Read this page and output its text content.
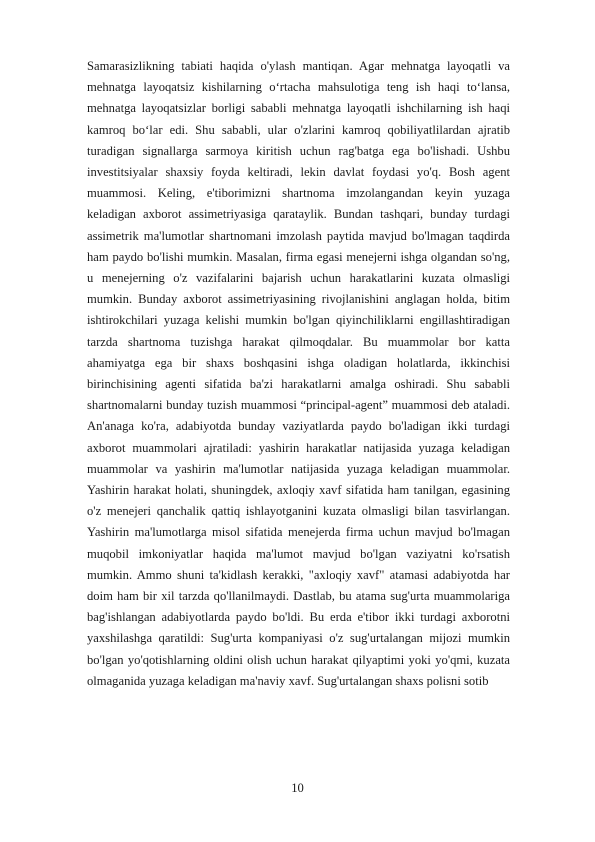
Samarasizlikning tabiati haqida o'ylash mantiqan. Agar mehnatga layoqatli va mehnatga layoqatsiz kishilarning o‘rtacha mahsulotiga teng ish haqi to‘lansa, mehnatga layoqatsizlar borligi sababli mehnatga layoqatli ishchilarning ish haqi kamroq bo‘lar edi. Shu sababli, ular o'zlarini kamroq qobiliyatlilardan ajratib turadigan signallarga sarmoya kiritish uchun rag'batga ega bo'lishadi. Ushbu investitsiyalar shaxsiy foyda keltiradi, lekin davlat foydasi yo'q. Bosh agent muammosi. Keling, e'tiborimizni shartnoma imzolangandan keyin yuzaga keladigan axborot assimetriyasiga qarataylik. Bundan tashqari, bunday turdagi assimetrik ma'lumotlar shartnomani imzolash paytida mavjud bo'lmagan taqdirda ham paydo bo'lishi mumkin. Masalan, firma egasi menejerni ishga olgandan so'ng, u menejerning o'z vazifalarini bajarish uchun harakatlarini kuzata olmasligi mumkin. Bunday axborot assimetriyasining rivojlanishini anglagan holda, bitim ishtirokchilari yuzaga kelishi mumkin bo'lgan qiyinchiliklarni engillashtiradigan tarzda shartnoma tuzishga harakat qilmoqdalar. Bu muammolar bor katta ahamiyatga ega bir shaxs boshqasini ishga oladigan holatlarda, ikkinchisi birinchisining agenti sifatida ba'zi harakatlarni amalga oshiradi. Shu sababli shartnomalarni bunday tuzish muammosi “principal-agent” muammosi deb ataladi. An'anaga ko'ra, adabiyotda bunday vaziyatlarda paydo bo'ladigan ikki turdagi axborot muammolari ajratiladi: yashirin harakatlar natijasida yuzaga keladigan muammolar va yashirin ma'lumotlar natijasida yuzaga keladigan muammolar. Yashirin harakat holati, shuningdek, axloqiy xavf sifatida ham tanilgan, egasining o'z menejeri qanchalik qattiq ishlayotganini kuzata olmasligi bilan tasvirlangan. Yashirin ma'lumotlarga misol sifatida menejerda firma uchun mavjud bo'lmagan muqobil imkoniyatlar haqida ma'lumot mavjud bo'lgan vaziyatni ko'rsatish mumkin. Ammo shuni ta'kidlash kerakki, "axloqiy xavf" atamasi adabiyotda har doim ham bir xil tarzda qo'llanilmaydi. Dastlab, bu atama sug'urta muammolariga bag'ishlangan adabiyotlarda paydo bo'ldi. Bu erda e'tibor ikki turdagi axborotni yaxshilashga qaratildi: Sug'urta kompaniyasi o'z sug'urtalangan mijozi mumkin bo'lgan yo'qotishlarning oldini olish uchun harakat qilyaptimi yoki yo'qmi, kuzata olmaganida yuzaga keladigan ma'naviy xavf. Sug'urtalangan shaxs polisni sotib

10
